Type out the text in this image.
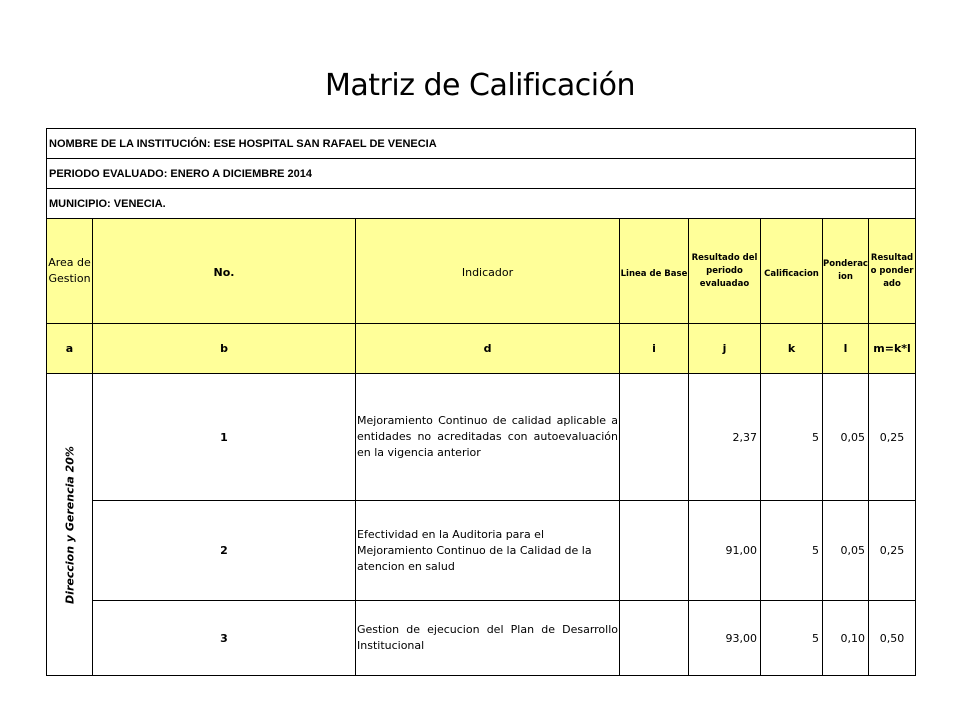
Matriz de Calificación
NOMBRE DE LA INSTITUCIÓN: ESE HOSPITAL SAN RAFAEL DE VENECIA							
PERIODO EVALUADO: ENERO A DICIEMBRE 2014							
MUNICIPIO: VENECIA.							

Area de Gestion	No.	Indicador	Linea de Base	Resultado del periodo evaluadao	Calificacion	Ponderacion	Resultado ponderado

a	b	d	i	j	k	l	m=k*l

Direccion y Gerencia 20%	1	Mejoramiento Continuo de calidad aplicable a entidades no acreditadas con autoevaluación en la vigencia anterior		2,37	5	0,05	0,25
	2	Efectividad en la Auditoria para el Mejoramiento Continuo de la Calidad de la atencion en salud		91,00	5	0,05	0,25
	3	Gestion de ejecucion del Plan de Desarrollo Institucional		93,00	5	0,10	0,50
